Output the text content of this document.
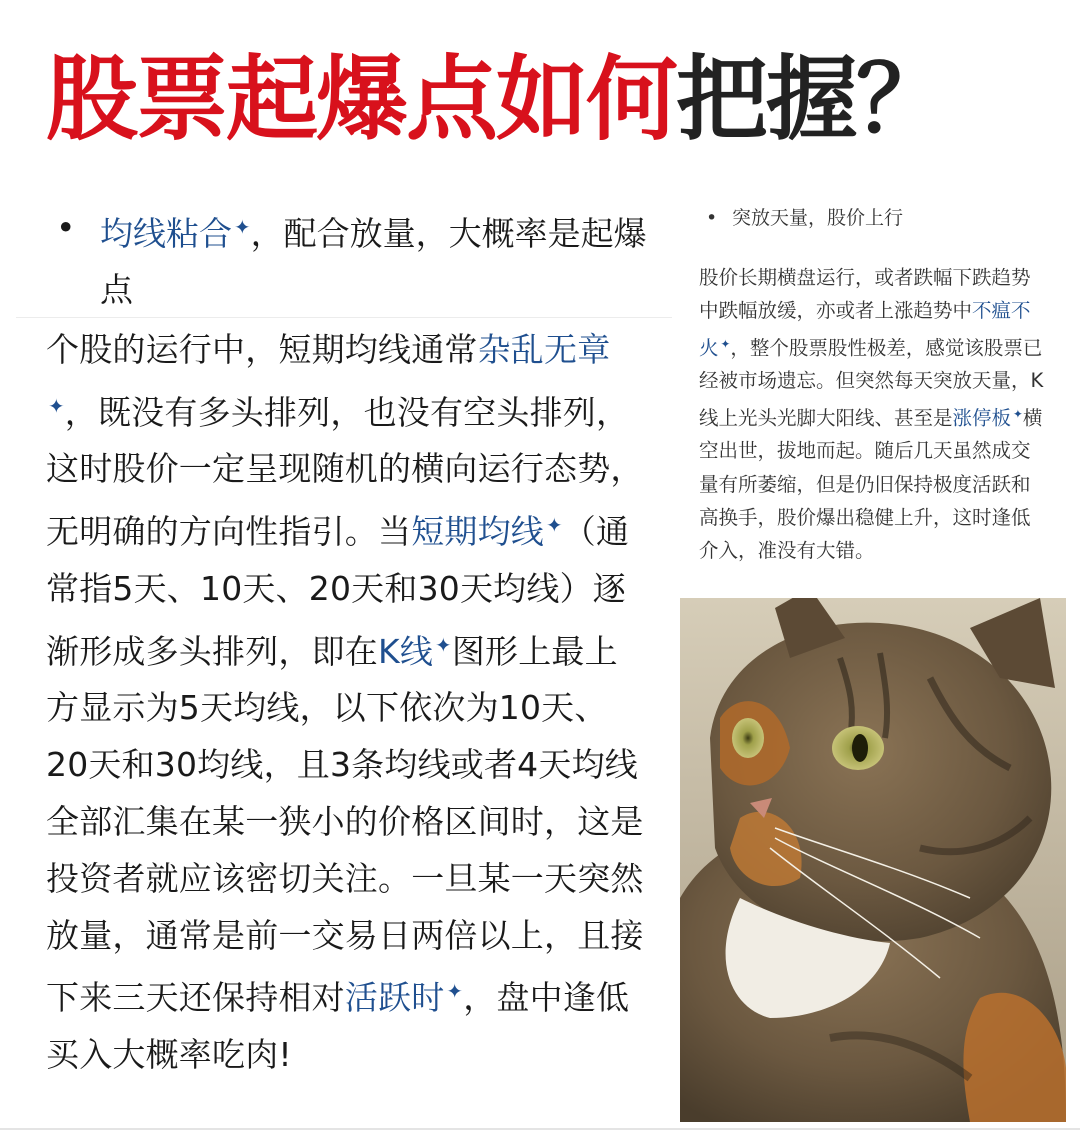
股票起爆点如何把握？
• 均线粘合 ✦，配合放量，大概率是起爆点
个股的运行中，短期均线通常杂乱无章✦，既没有多头排列，也没有空头排列，这时股价一定呈现随机的横向运行态势，无明确的方向性指引。当短期均线 ✦（通常指5天、10天、20天和30天均线）逐渐形成多头排列，即在K线 ✦图形上最上方显示为5天均线，以下依次为10天、20天和30均线，且3条均线或者4天均线全部汇集在某一狭小的价格区间时，这是投资者就应该密切关注。一旦某一天突然放量，通常是前一交易日两倍以上，且接下来三天还保持相对活跃时 ✦，盘中逢低买入大概率吃肉!
• 突放天量，股价上行
股价长期横盘运行，或者跌幅下跌趋势中跌幅放缓，亦或者上涨趋势中不瘟不火 ✦，整个股票股性极差，感觉该股票已经被市场遗忘。但突然每天突放天量，K线上光头光脚大阳线、甚至是涨停板 ✦横空出世，拔地而起。随后几天虽然成交量有所萎缩，但是仍旧保持极度活跃和高换手，股价爆出稳健上升，这时逢低介入，准没有大错。
